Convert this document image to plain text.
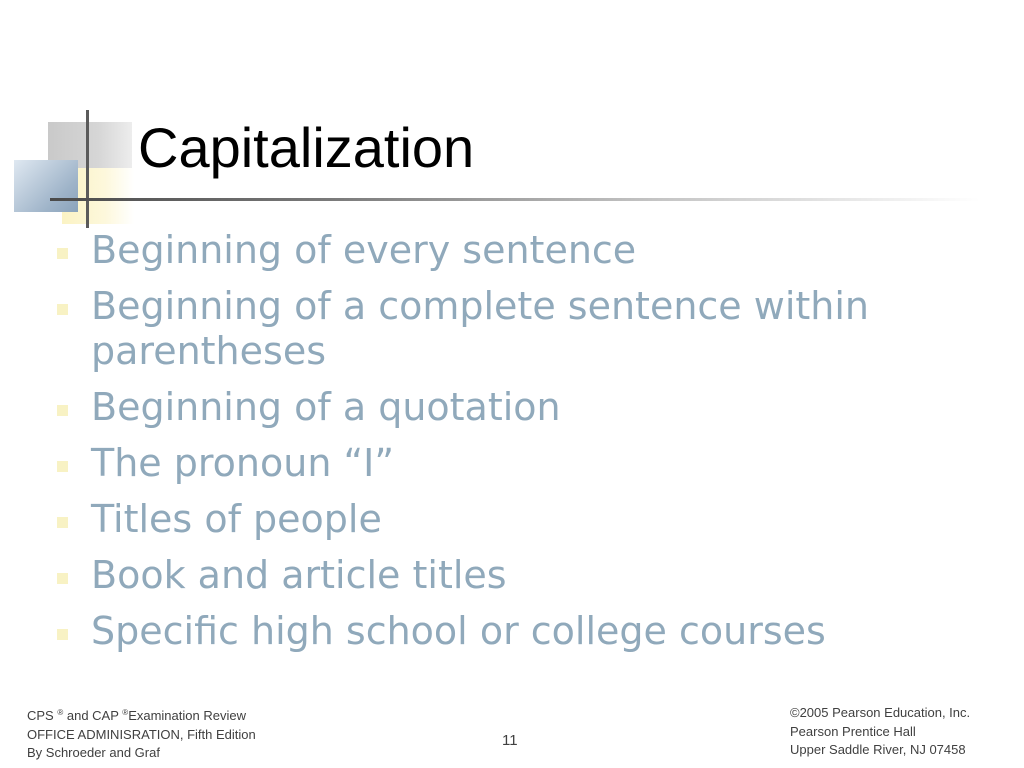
Capitalization
Beginning of every sentence
Beginning of a complete sentence within parentheses
Beginning of a quotation
The pronoun “I”
Titles of people
Book and article titles
Specific high school or college courses
CPS ® and CAP ®Examination Review
OFFICE ADMINISRATION, Fifth Edition
By Schroeder and Graf
11
©2005 Pearson Education, Inc.
Pearson Prentice Hall
Upper Saddle River, NJ 07458
